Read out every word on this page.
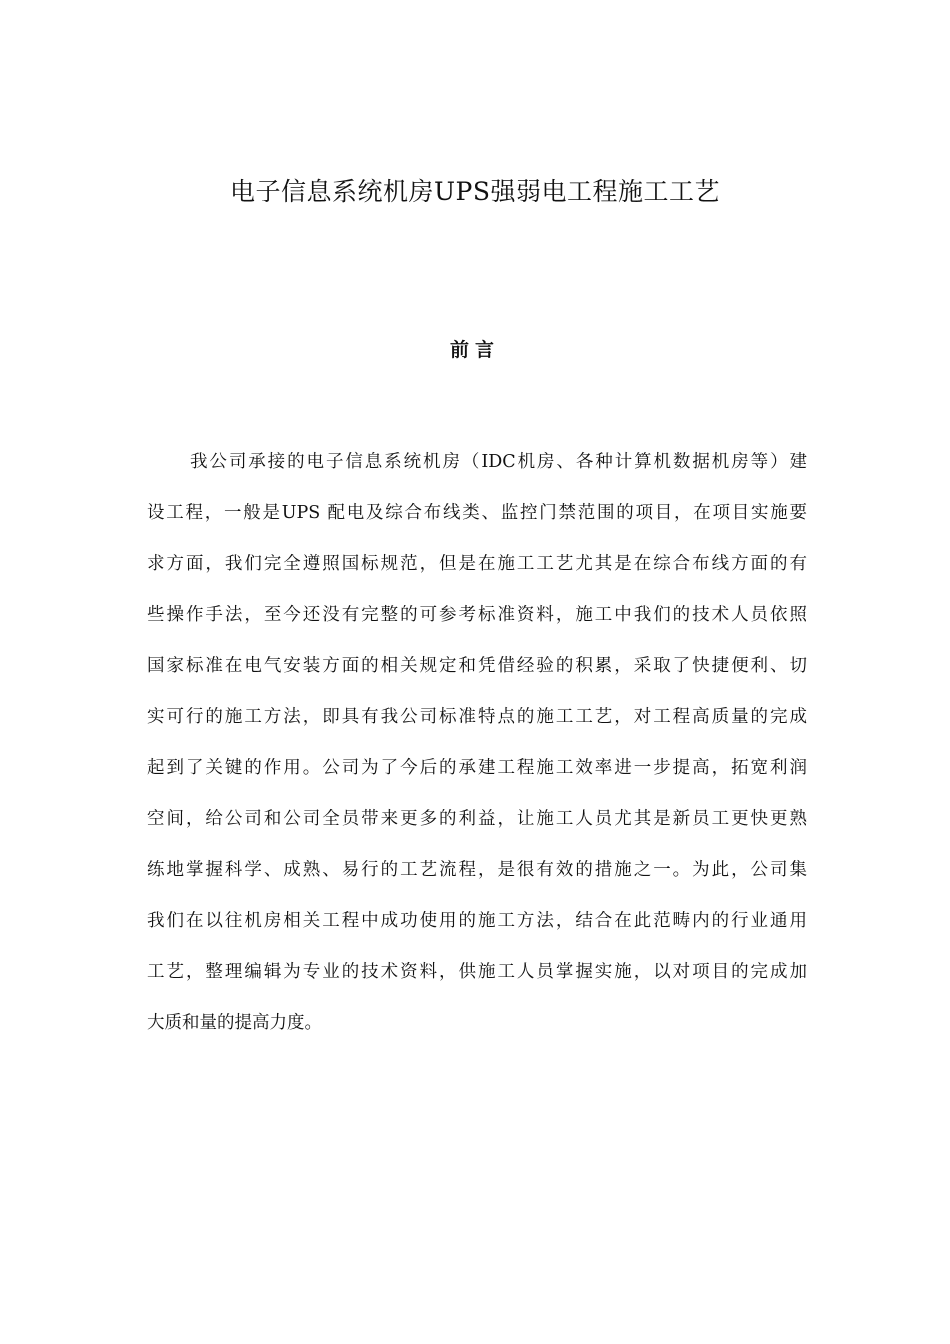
电子信息系统机房UPS强弱电工程施工工艺
前言
我公司承接的电子信息系统机房（IDC机房、各种计算机数据机房等）建
设工程，一般是UPS 配电及综合布线类、监控门禁范围的项目，在项目实施要
求方面，我们完全遵照国标规范，但是在施工工艺尤其是在综合布线方面的有
些操作手法，至今还没有完整的可参考标准资料，施工中我们的技术人员依照
国家标准在电气安装方面的相关规定和凭借经验的积累，采取了快捷便利、切
实可行的施工方法，即具有我公司标准特点的施工工艺，对工程高质量的完成
起到了关键的作用。公司为了今后的承建工程施工效率进一步提高，拓宽利润
空间，给公司和公司全员带来更多的利益，让施工人员尤其是新员工更快更熟
练地掌握科学、成熟、易行的工艺流程，是很有效的措施之一。为此，公司集
我们在以往机房相关工程中成功使用的施工方法，结合在此范畴内的行业通用
工艺，整理编辑为专业的技术资料，供施工人员掌握实施，以对项目的完成加
大质和量的提高力度。
